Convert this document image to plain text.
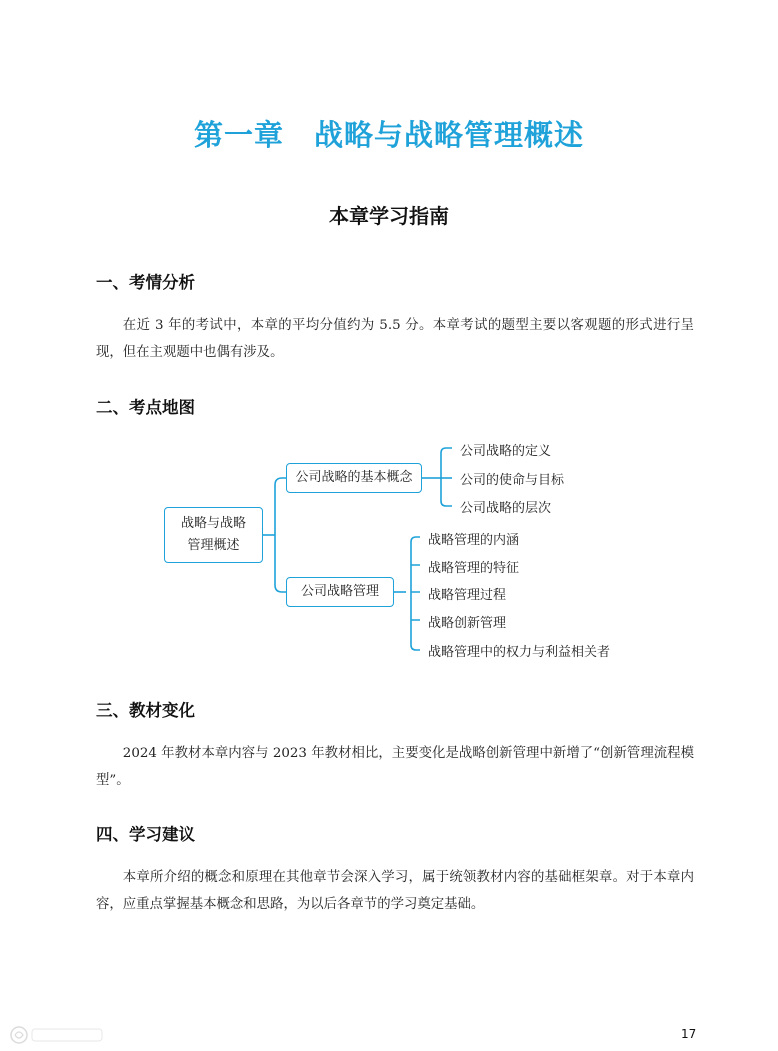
第一章 战略与战略管理概述
本章学习指南
一、考情分析
在近 3 年的考试中，本章的平均分值约为 5.5 分。本章考试的题型主要以客观题的形式进行呈现，但在主观题中也偶有涉及。
二、考点地图
战略与战略
管理概述
公司战略的基本概念
公司战略管理
公司战略的定义
公司的使命与目标
公司战略的层次
战略管理的内涵
战略管理的特征
战略管理过程
战略创新管理
战略管理中的权力与利益相关者
三、教材变化
2024 年教材本章内容与 2023 年教材相比，主要变化是战略创新管理中新增了“创新管理流程模型”。
四、学习建议
本章所介绍的概念和原理在其他章节会深入学习，属于统领教材内容的基础框架章。对于本章内容，应重点掌握基本概念和思路，为以后各章节的学习奠定基础。
17
